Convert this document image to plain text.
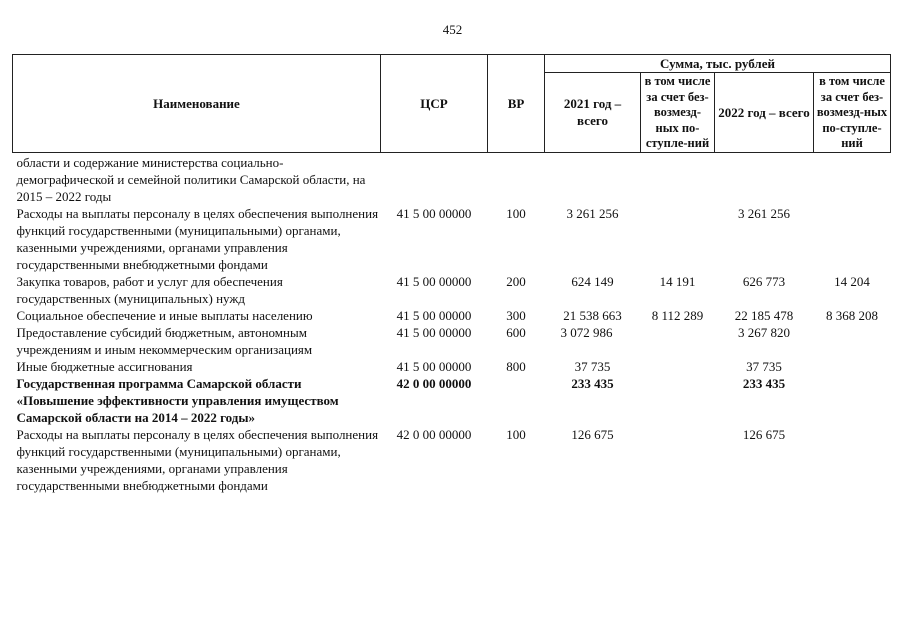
452
Наименование	ЦСР	ВР	Сумма, тыс. рублей			
			2021 год – всего	в том числе за счет без-возмезд-ных по-ступле-ний	2022 год – всего	в том числе за счет без-возмезд-ных по-ступле-ний
области и содержание министерства социально-демографической и семейной политики Самарской области, на 2015 – 2022 годы						
Расходы на выплаты персоналу в целях обеспечения выполнения функций государственными (муниципальными) органами, казенными учреждениями, органами управления государственными внебюджетными фондами	41 5 00 00000	100	3 261 256		3 261 256	
Закупка товаров, работ и услуг для обеспечения государственных (муниципальных) нужд	41 5 00 00000	200	624 149	14 191	626 773	14 204
Социальное обеспечение и иные выплаты населению	41 5 00 00000	300	21 538 663	8 112 289	22 185 478	8 368 208
Предоставление субсидий бюджетным, автономным учреждениям и иным некоммерческим организациям	41 5 00 00000	600	3 072 986		3 267 820	
Иные бюджетные ассигнования	41 5 00 00000	800	37 735		37 735	
Государственная программа Самарской области «Повышение эффективности управления имуществом Самарской области на 2014 – 2022 годы»	42 0 00 00000		233 435		233 435	
Расходы на выплаты персоналу в целях обеспечения выполнения функций государственными (муниципальными) органами, казенными учреждениями, органами управления государственными внебюджетными фондами	42 0 00 00000	100	126 675		126 675	
